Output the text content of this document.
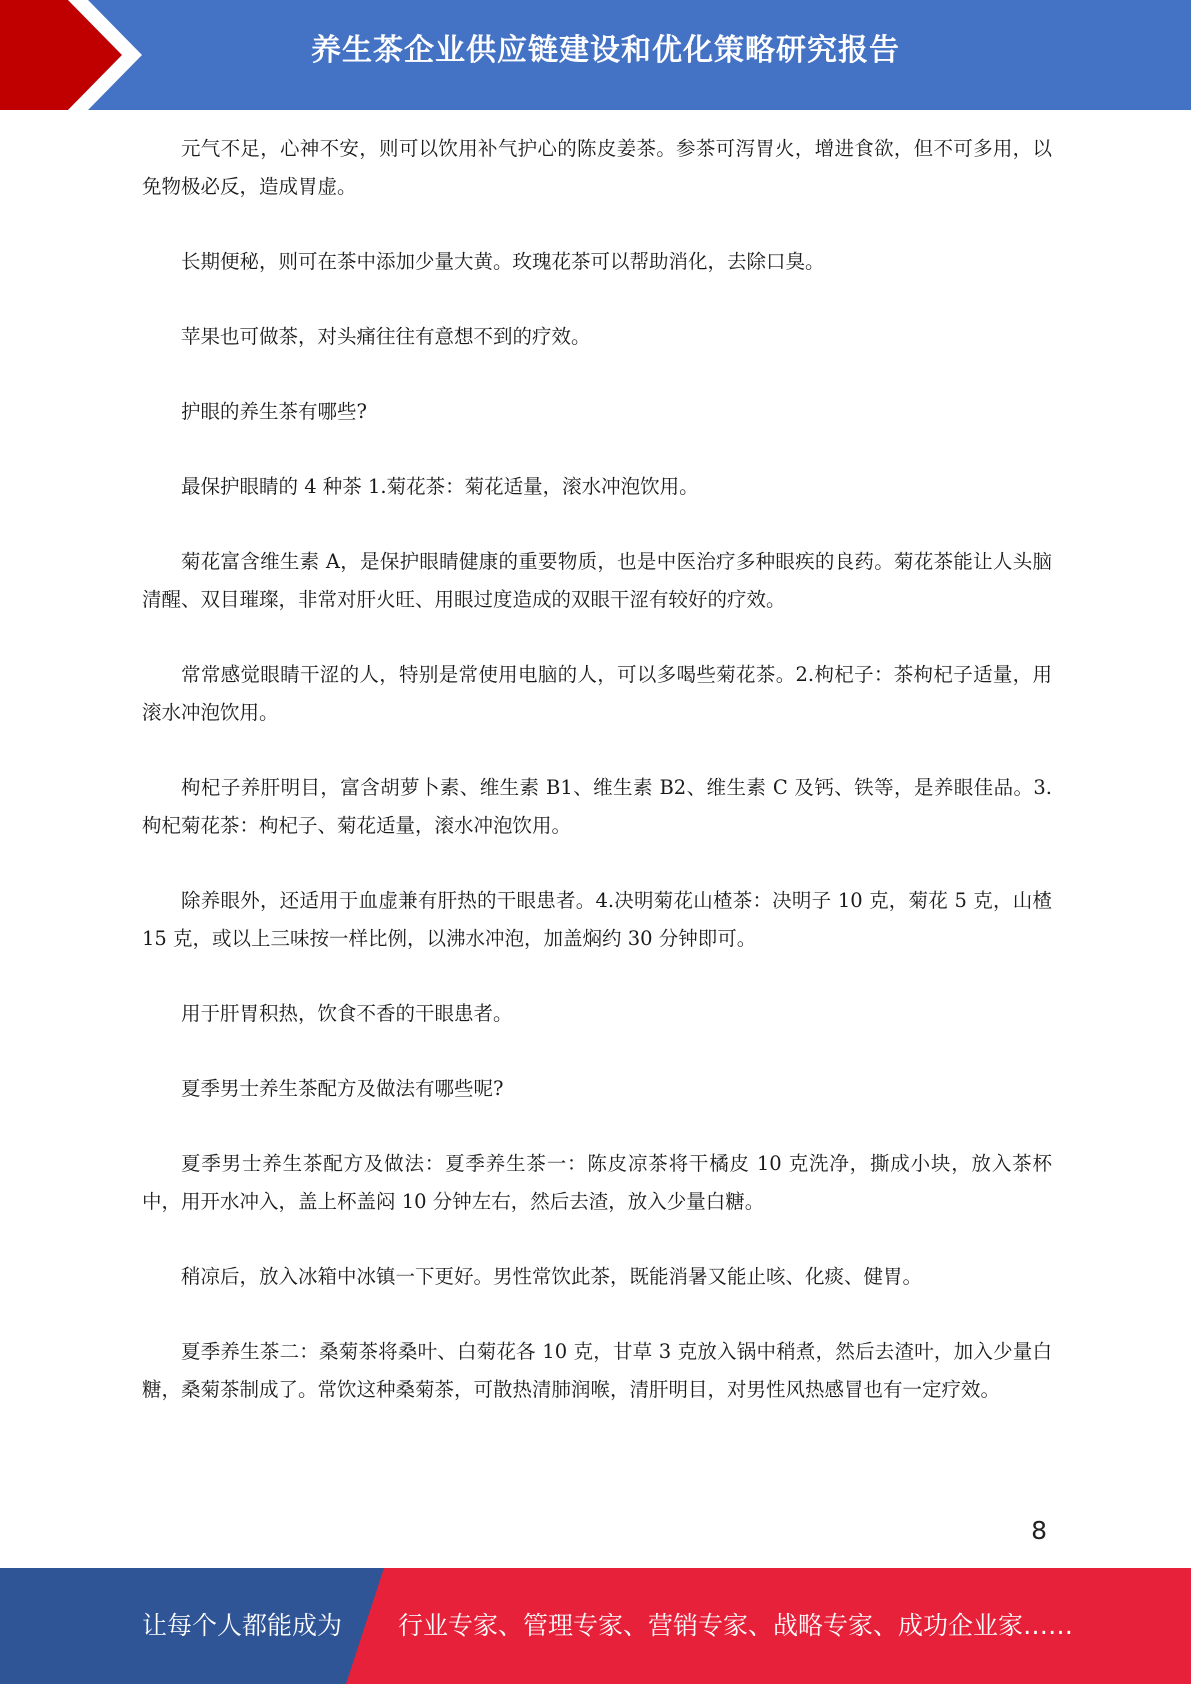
养生茶企业供应链建设和优化策略研究报告

元气不足，心神不安，则可以饮用补气护心的陈皮姜茶。参茶可泻胃火，增进食欲，但不可多用，以免物极必反，造成胃虚。

长期便秘，则可在茶中添加少量大黄。玫瑰花茶可以帮助消化，去除口臭。

苹果也可做茶，对头痛往往有意想不到的疗效。

护眼的养生茶有哪些?

最保护眼睛的 4 种茶 1.菊花茶：菊花适量，滚水冲泡饮用。

菊花富含维生素 A，是保护眼睛健康的重要物质，也是中医治疗多种眼疾的良药。菊花茶能让人头脑清醒、双目璀璨，非常对肝火旺、用眼过度造成的双眼干涩有较好的疗效。

常常感觉眼睛干涩的人，特别是常使用电脑的人，可以多喝些菊花茶。2.枸杞子：茶枸杞子适量，用滚水冲泡饮用。

枸杞子养肝明目，富含胡萝卜素、维生素 B1、维生素 B2、维生素 C 及钙、铁等，是养眼佳品。3.枸杞菊花茶：枸杞子、菊花适量，滚水冲泡饮用。

除养眼外，还适用于血虚兼有肝热的干眼患者。4.决明菊花山楂茶：决明子 10 克，菊花 5 克，山楂 15 克，或以上三味按一样比例，以沸水冲泡，加盖焖约 30 分钟即可。

用于肝胃积热，饮食不香的干眼患者。

夏季男士养生茶配方及做法有哪些呢?

夏季男士养生茶配方及做法：夏季养生茶一：陈皮凉茶将干橘皮 10 克洗净，撕成小块，放入茶杯中，用开水冲入，盖上杯盖闷 10 分钟左右，然后去渣，放入少量白糖。

稍凉后，放入冰箱中冰镇一下更好。男性常饮此茶，既能消暑又能止咳、化痰、健胃。

夏季养生茶二：桑菊茶将桑叶、白菊花各 10 克，甘草 3 克放入锅中稍煮，然后去渣叶，加入少量白糖，桑菊茶制成了。常饮这种桑菊茶，可散热清肺润喉，清肝明目，对男性风热感冒也有一定疗效。

8
让每个人都能成为 行业专家、管理专家、营销专家、战略专家、成功企业家……
